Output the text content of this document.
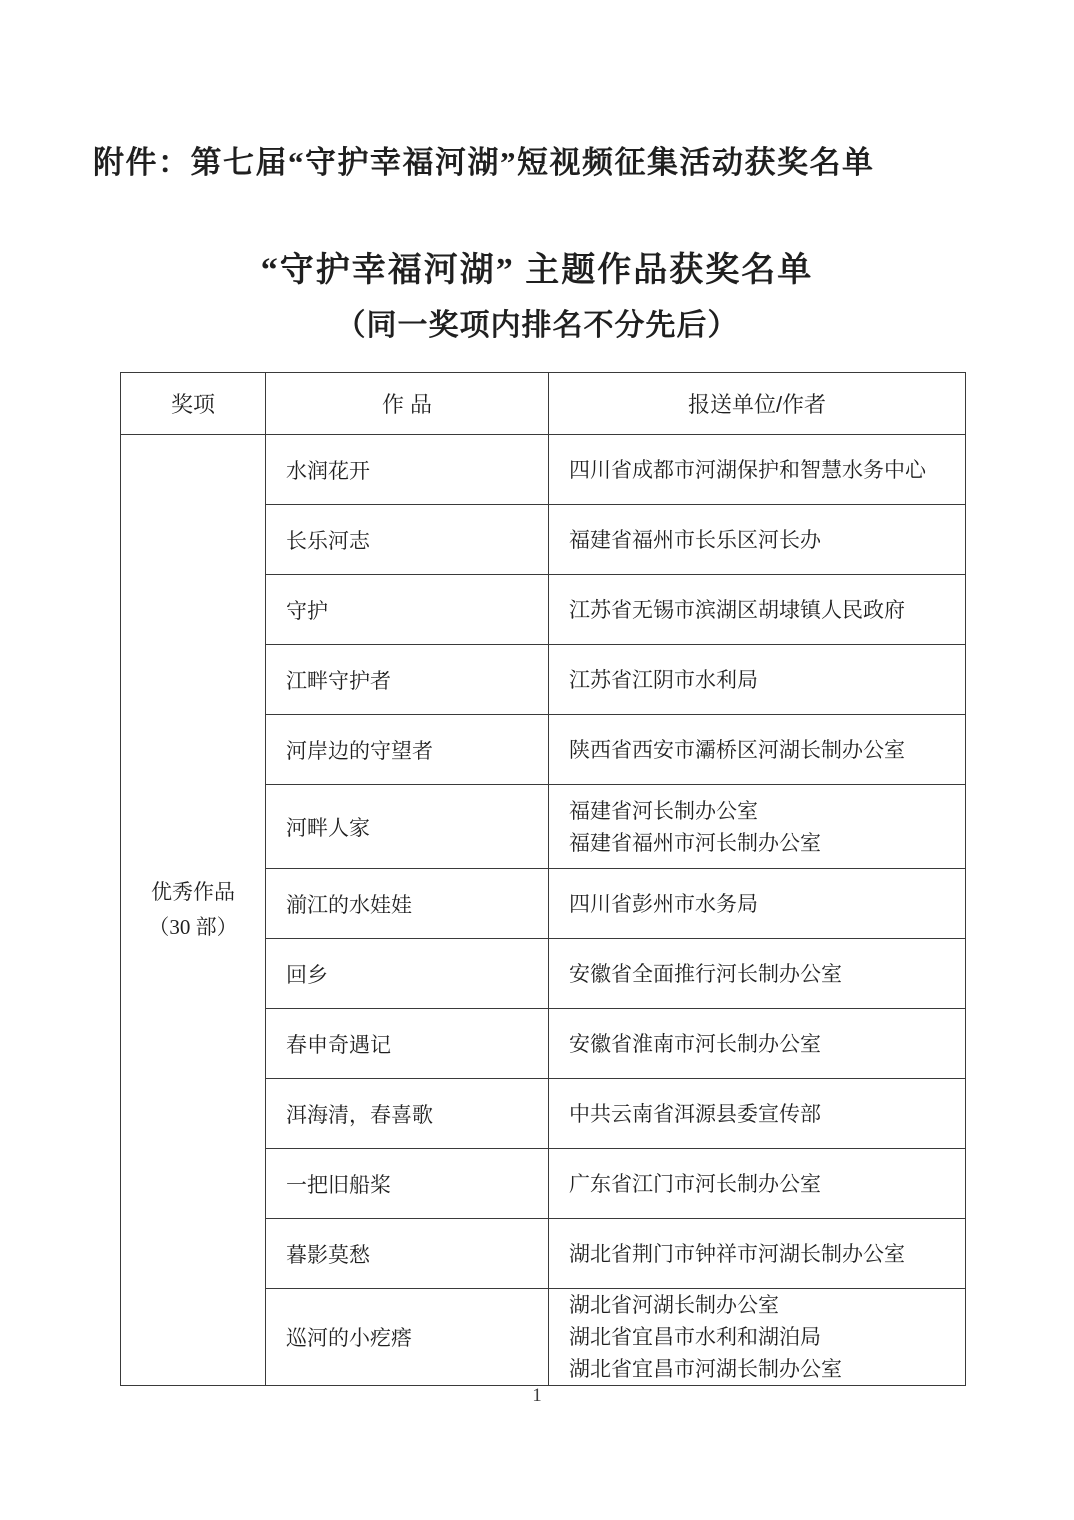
附件：第七届“守护幸福河湖”短视频征集活动获奖名单
“守护幸福河湖” 主题作品获奖名单
（同一奖项内排名不分先后）
奖项	作 品	报送单位/作者

优秀作品
（30 部）	水润花开	四川省成都市河湖保护和智慧水务中心

	长乐河志	福建省福州市长乐区河长办

	守护	江苏省无锡市滨湖区胡埭镇人民政府

	江畔守护者	江苏省江阴市水利局

	河岸边的守望者	陕西省西安市灞桥区河湖长制办公室

	河畔人家	福建省河长制办公室
福建省福州市河长制办公室

	湔江的水娃娃	四川省彭州市水务局

	回乡	安徽省全面推行河长制办公室

	春申奇遇记	安徽省淮南市河长制办公室

	洱海清，春喜歌	中共云南省洱源县委宣传部

	一把旧船桨	广东省江门市河长制办公室

	暮影莫愁	湖北省荆门市钟祥市河湖长制办公室

	巡河的小疙瘩	湖北省河湖长制办公室
湖北省宜昌市水利和湖泊局
湖北省宜昌市河湖长制办公室
1
